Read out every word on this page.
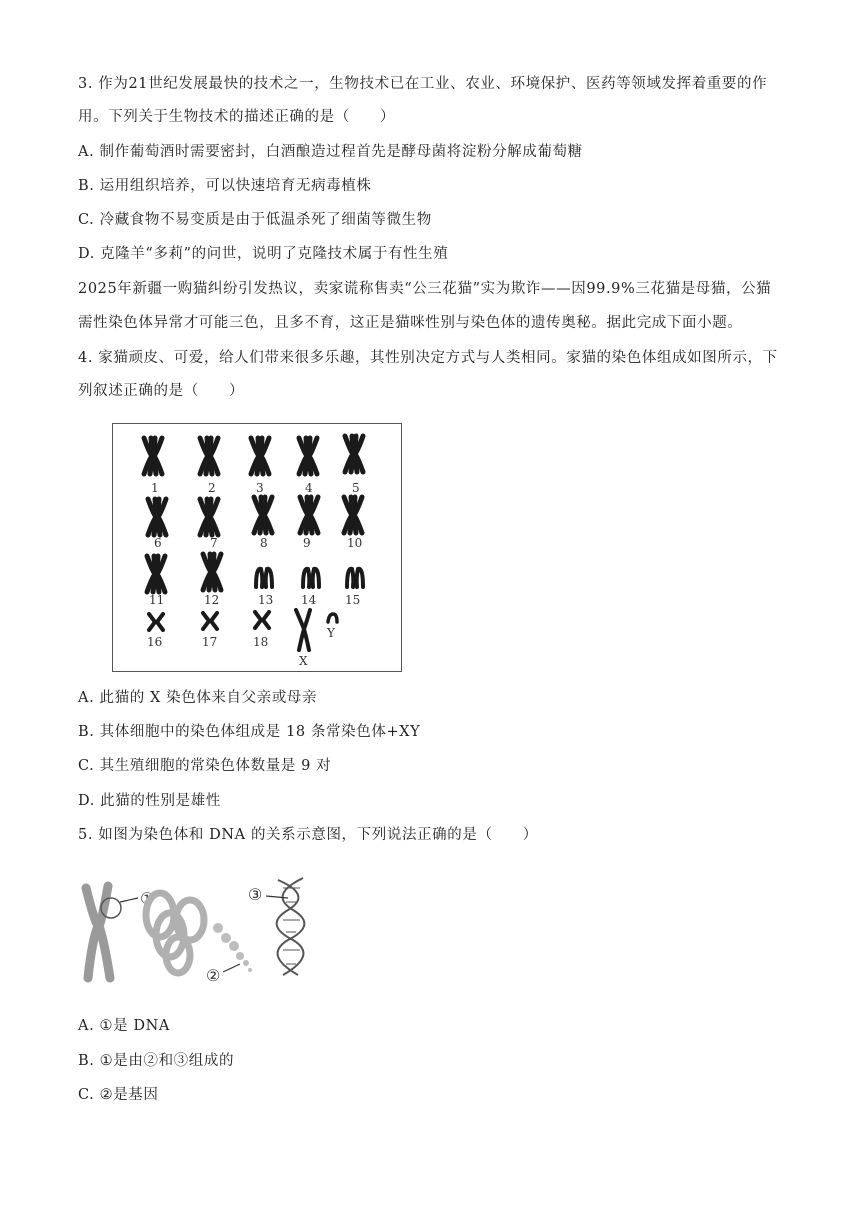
3. 作为21世纪发展最快的技术之一，生物技术已在工业、农业、环境保护、医药等领域发挥着重要的作
用。下列关于生物技术的描述正确的是（　　）
A. 制作葡萄酒时需要密封，白酒酿造过程首先是酵母菌将淀粉分解成葡萄糖
B. 运用组织培养，可以快速培育无病毒植株
C. 冷藏食物不易变质是由于低温杀死了细菌等微生物
D. 克隆羊“多莉”的问世，说明了克隆技术属于有性生殖
2025年新疆一购猫纠纷引发热议，卖家谎称售卖“公三花猫”实为欺诈——因99.9%三花猫是母猫，公猫
需性染色体异常才可能三色，且多不育，这正是猫咪性别与染色体的遗传奥秘。据此完成下面小题。
4. 家猫顽皮、可爱，给人们带来很多乐趣，其性别决定方式与人类相同。家猫的染色体组成如图所示，下
列叙述正确的是（　　）
1	2	3	4	5
6	7	8	9	10
11	12	13 14 15
16	17	18
X
Y
A. 此猫的 X 染色体来自父亲或母亲
B. 其体细胞中的染色体组成是 18 条常染色体+XY
C. 其生殖细胞的常染色体数量是 9 对
D. 此猫的性别是雄性
5. 如图为染色体和 DNA 的关系示意图，下列说法正确的是（　　）
①
②
③
A. ①是 DNA
B. ①是由②和③组成的
C. ②是基因
